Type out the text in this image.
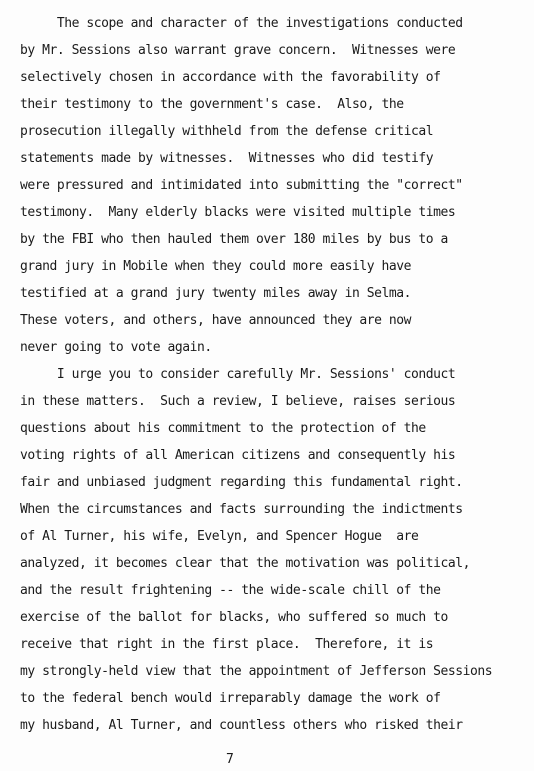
The scope and character of the investigations conducted
by Mr. Sessions also warrant grave concern.  Witnesses were
selectively chosen in accordance with the favorability of
their testimony to the government's case.  Also, the
prosecution illegally withheld from the defense critical
statements made by witnesses.  Witnesses who did testify
were pressured and intimidated into submitting the "correct"
testimony.  Many elderly blacks were visited multiple times
by the FBI who then hauled them over 180 miles by bus to a
grand jury in Mobile when they could more easily have
testified at a grand jury twenty miles away in Selma.
These voters, and others, have announced they are now
never going to vote again.
I urge you to consider carefully Mr. Sessions' conduct
in these matters.  Such a review, I believe, raises serious
questions about his commitment to the protection of the
voting rights of all American citizens and consequently his
fair and unbiased judgment regarding this fundamental right.
When the circumstances and facts surrounding the indictments
of Al Turner, his wife, Evelyn, and Spencer Hogue  are
analyzed, it becomes clear that the motivation was political,
and the result frightening -- the wide-scale chill of the
exercise of the ballot for blacks, who suffered so much to
receive that right in the first place.  Therefore, it is
my strongly-held view that the appointment of Jefferson Sessions
to the federal bench would irreparably damage the work of
my husband, Al Turner, and countless others who risked their
7
